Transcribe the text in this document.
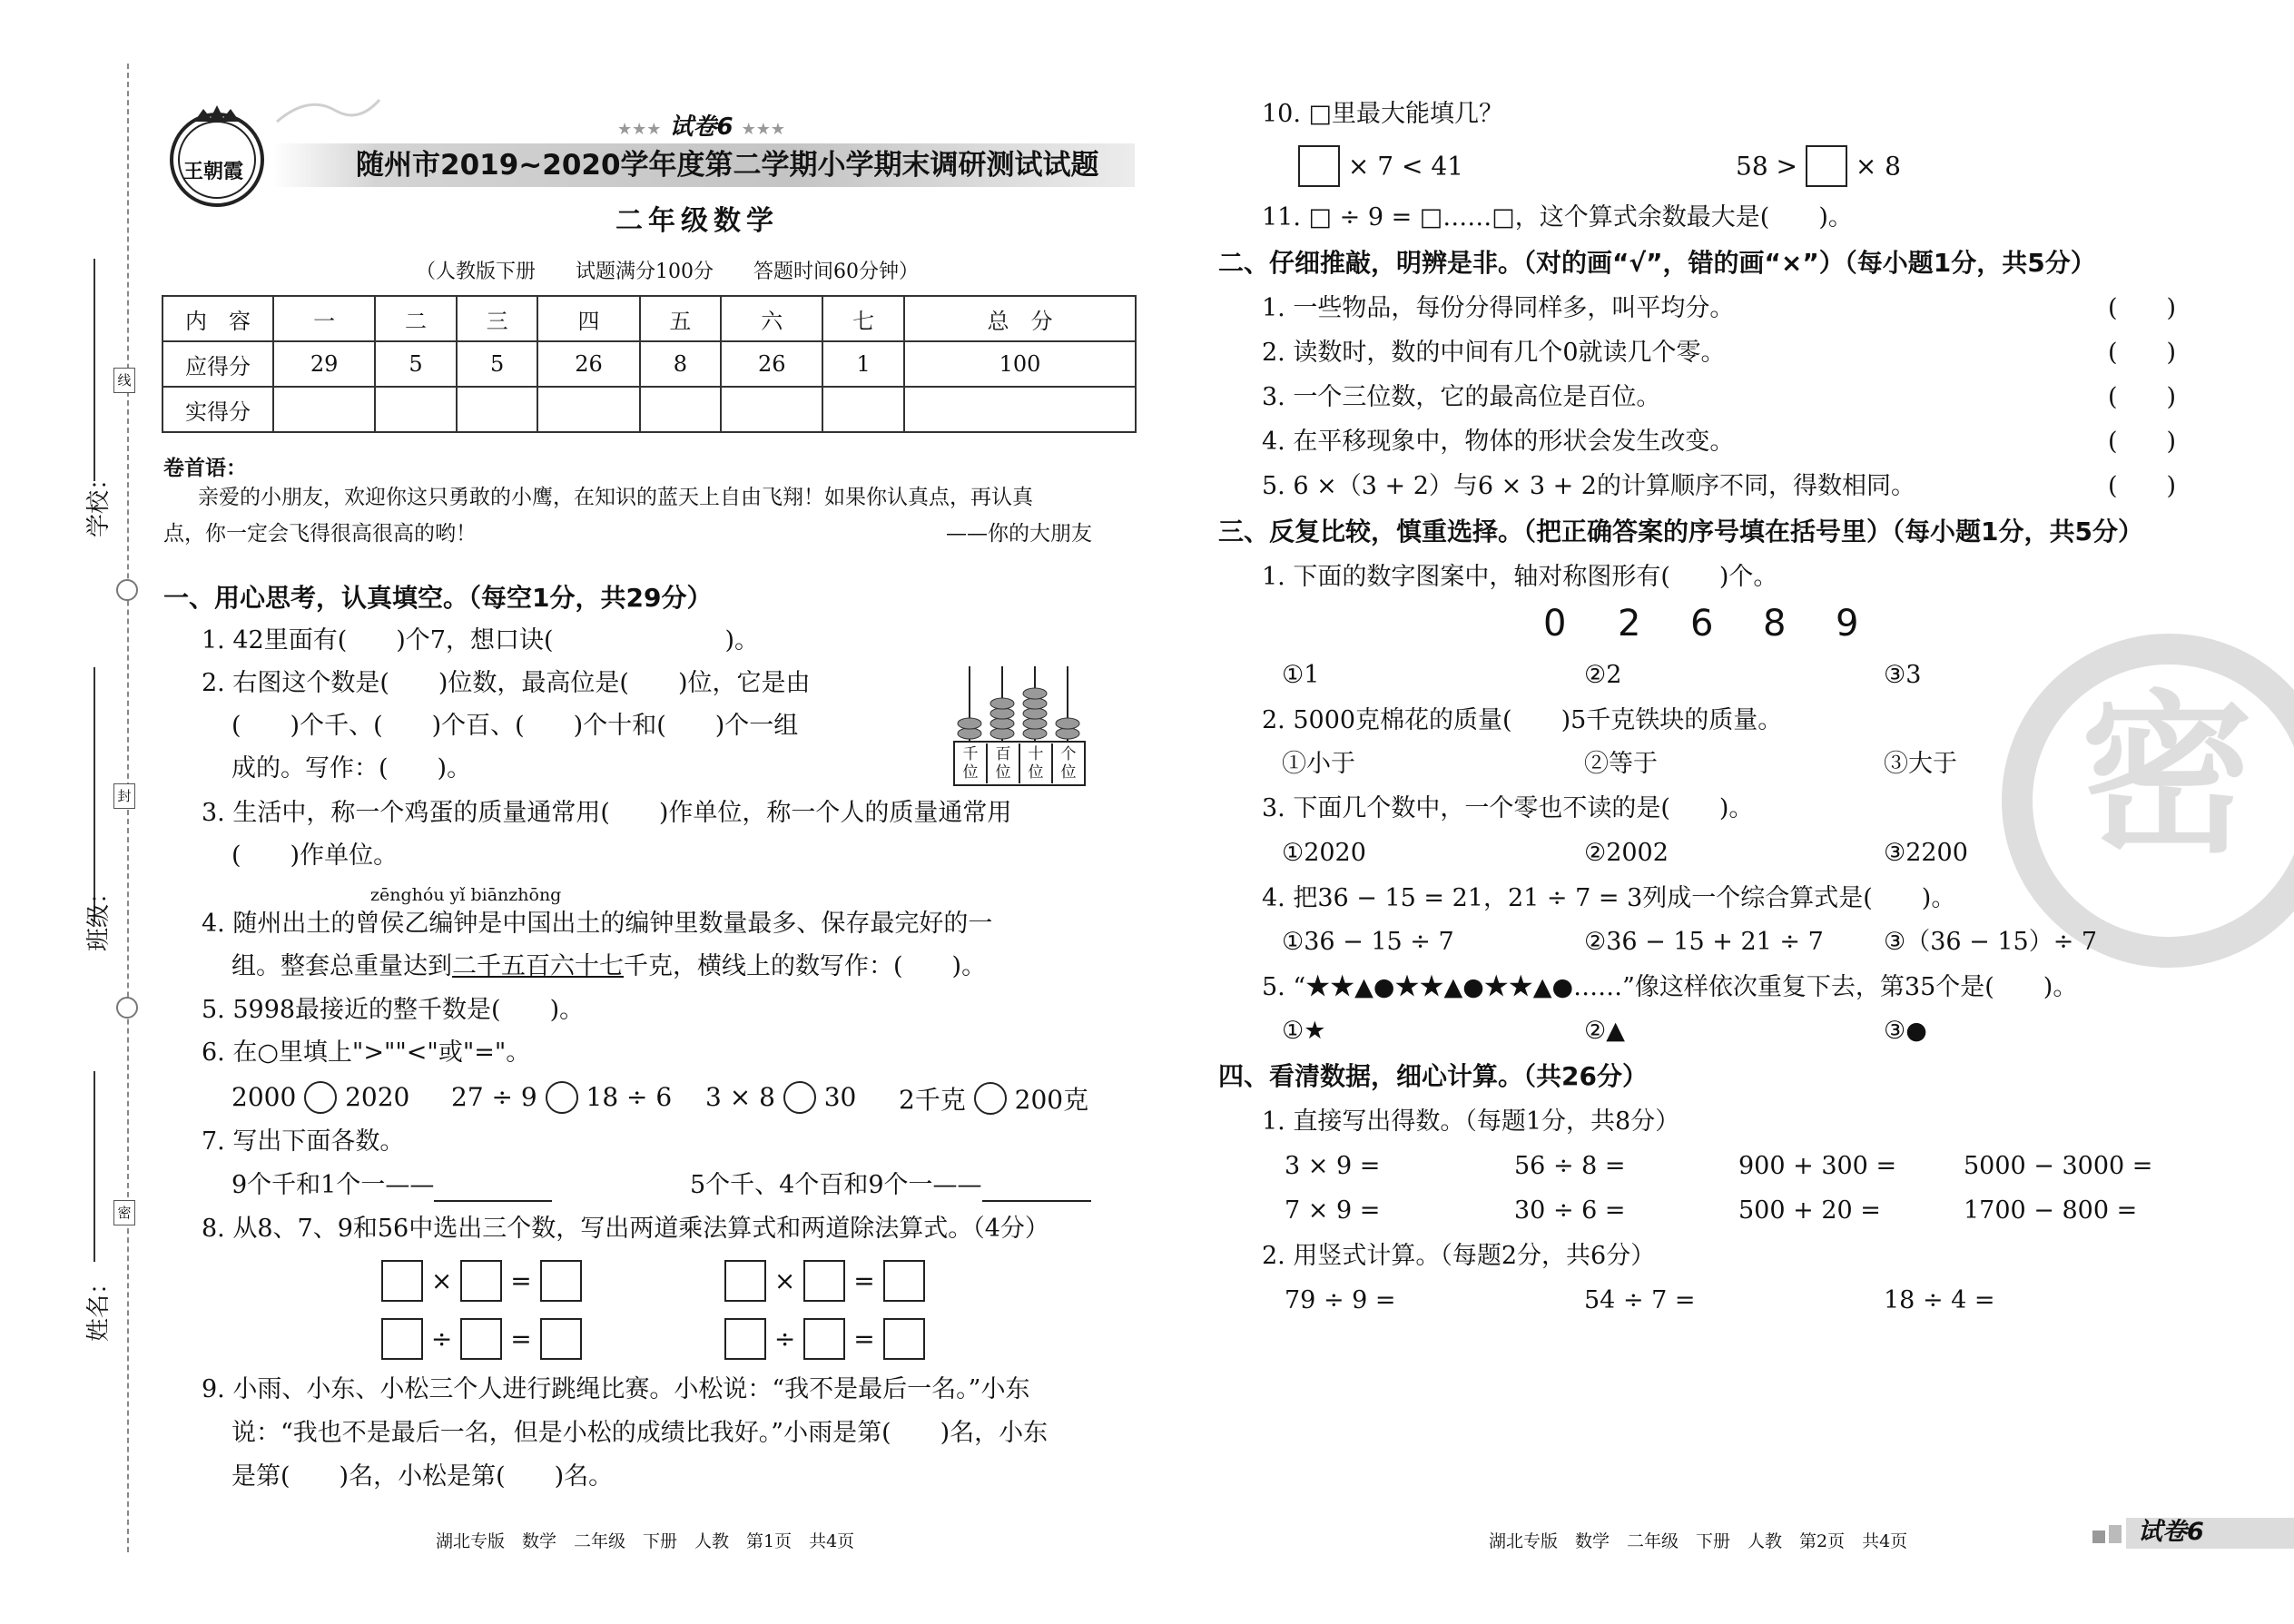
学校：
线
班级：
封
姓名：
密
王朝霞
★★★ 试卷6 ★★★
随州市2019~2020学年度第二学期小学期末调研测试试题
二年级数学
（人教版下册　　试题满分100分　　答题时间60分钟）
内　容	一	二	三	四	五	六	七	总　分
应得分	29	5	5	26	8	26	1	100
实得分								
卷首语：
亲爱的小朋友，欢迎你这只勇敢的小鹰，在知识的蓝天上自由飞翔！如果你认真点，再认真
点，你一定会飞得很高很高的哟！	——你的大朋友
一、用心思考，认真填空。（每空1分，共29分）
1. 42里面有(　　)个7，想口诀(　　　　　　　)。
2. 右图这个数是(　　)位数，最高位是(　　)位，它是由
(　　)个千、(　　)个百、(　　)个十和(　　)个一组
成的。写作：(　　)。	千位
百位
十位
个位
3. 生活中，称一个鸡蛋的质量通常用(　　)作单位，称一个人的质量通常用
(　　)作单位。
zēnghóu yǐ biānzhōng
4. 随州出土的曾侯乙编钟是中国出土的编钟里数量最多、保存最完好的一
组。整套总重量达到二千五百六十七千克，横线上的数写作：(　　)。
5. 5998最接近的整千数是(　　)。
6. 在○里填上">""<"或"="。
2000 2020 27 ÷ 9 18 ÷ 6 3 × 8 30 2千克 200克
7. 写出下面各数。
9个千和1个一——	5个千、4个百和9个一——
8. 从8、7、9和56中选出三个数，写出两道乘法算式和两道除法算式。（4分）
× =	× =
÷ =	÷ =
9. 小雨、小东、小松三个人进行跳绳比赛。小松说：“我不是最后一名。”小东
说：“我也不是最后一名，但是小松的成绩比我好。”小雨是第(　　)名，小东
是第(　　)名，小松是第(　　)名。
湖北专版　数学　二年级　下册　人教　第1页　共4页
密
10. □里最大能填几？
× 7 < 41	58 > × 8
11. □ ÷ 9 = □……□，这个算式余数最大是(　　)。
二、仔细推敲，明辨是非。（对的画“√”，错的画“×”）（每小题1分，共5分）
1. 一些物品，每份分得同样多，叫平均分。	(　　)
2. 读数时，数的中间有几个0就读几个零。	(　　)
3. 一个三位数，它的最高位是百位。	(　　)
4. 在平移现象中，物体的形状会发生改变。	(　　)
5. 6 ×（3 + 2）与6 × 3 + 2的计算顺序不同，得数相同。	(　　)
三、反复比较，慎重选择。（把正确答案的序号填在括号里）（每小题1分，共5分）
1. 下面的数字图案中，轴对称图形有(　　)个。
0 2 6 8 9
①1	②2	③3
2. 5000克棉花的质量(　　)5千克铁块的质量。
①小于	②等于	③大于
3. 下面几个数中，一个零也不读的是(　　)。
①2020	②2002	③2200
4. 把36 − 15 = 21，21 ÷ 7 = 3列成一个综合算式是(　　)。
①36 − 15 ÷ 7	②36 − 15 + 21 ÷ 7 ③（36 − 15）÷ 7
5. “★★▲●★★▲●★★▲●……”像这样依次重复下去，第35个是(　　)。
①★	②▲	③●
四、看清数据，细心计算。（共26分）
1. 直接写出得数。（每题1分，共8分）
3 × 9 =	56 ÷ 8 =	900 + 300 =	5000 − 3000 =
7 × 9 =	30 ÷ 6 =	500 + 20 =	1700 − 800 =
2. 用竖式计算。（每题2分，共6分）
79 ÷ 9 =	54 ÷ 7 =	18 ÷ 4 =
湖北专版　数学　二年级　下册　人教　第2页　共4页	试卷6
